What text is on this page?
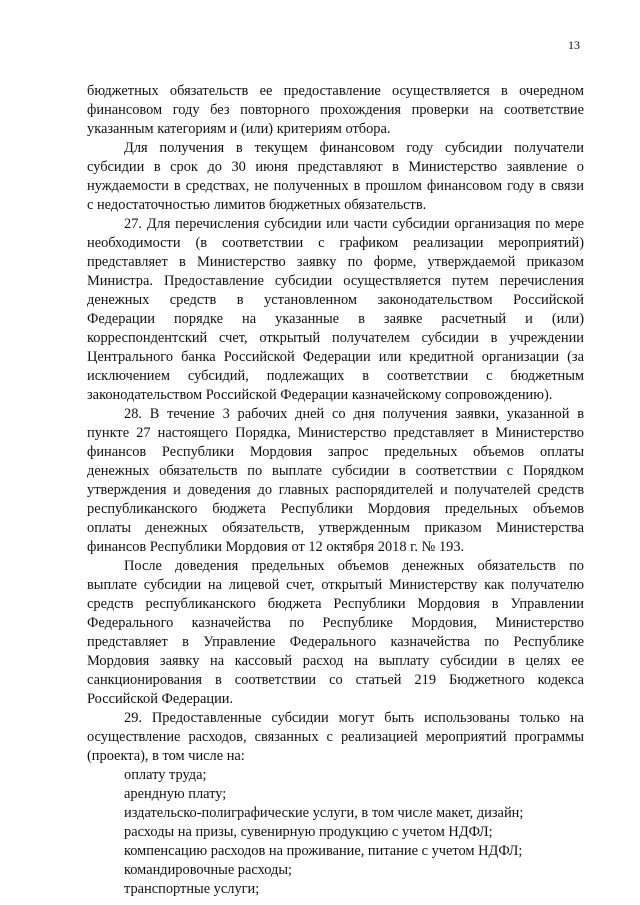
13
бюджетных обязательств ее предоставление осуществляется в очередном
финансовом году без повторного прохождения проверки на соответствие
указанным категориям и (или) критериям отбора.
Для получения в текущем финансовом году субсидии получатели
субсидии в срок до 30 июня представляют в Министерство заявление о
нуждаемости в средствах, не полученных в прошлом финансовом году в связи
с недостаточностью лимитов бюджетных обязательств.
27. Для перечисления субсидии или части субсидии организация по мере
необходимости (в соответствии с графиком реализации мероприятий)
представляет в Министерство заявку по форме, утверждаемой приказом
Министра. Предоставление субсидии осуществляется путем перечисления
денежных средств в установленном законодательством Российской
Федерации порядке на указанные в заявке расчетный и (или)
корреспондентский счет, открытый получателем субсидии в учреждении
Центрального банка Российской Федерации или кредитной организации (за
исключением субсидий, подлежащих в соответствии с бюджетным
законодательством Российской Федерации казначейскому сопровождению).
28. В течение 3 рабочих дней со дня получения заявки, указанной в
пункте 27 настоящего Порядка, Министерство представляет в Министерство
финансов Республики Мордовия запрос предельных объемов оплаты
денежных обязательств по выплате субсидии в соответствии с Порядком
утверждения и доведения до главных распорядителей и получателей средств
республиканского бюджета Республики Мордовия предельных объемов
оплаты денежных обязательств, утвержденным приказом Министерства
финансов Республики Мордовия от 12 октября 2018 г. № 193.
После доведения предельных объемов денежных обязательств по
выплате субсидии на лицевой счет, открытый Министерству как получателю
средств республиканского бюджета Республики Мордовия в Управлении
Федерального казначейства по Республике Мордовия, Министерство
представляет в Управление Федерального казначейства по Республике
Мордовия заявку на кассовый расход на выплату субсидии в целях ее
санкционирования в соответствии со статьей 219 Бюджетного кодекса
Российской Федерации.
29. Предоставленные субсидии могут быть использованы только на
осуществление расходов, связанных с реализацией мероприятий программы
(проекта), в том числе на:
оплату труда;
арендную плату;
издательско-полиграфические услуги, в том числе макет, дизайн;
расходы на призы, сувенирную продукцию с учетом НДФЛ;
компенсацию расходов на проживание, питание с учетом НДФЛ;
командировочные расходы;
транспортные услуги;
